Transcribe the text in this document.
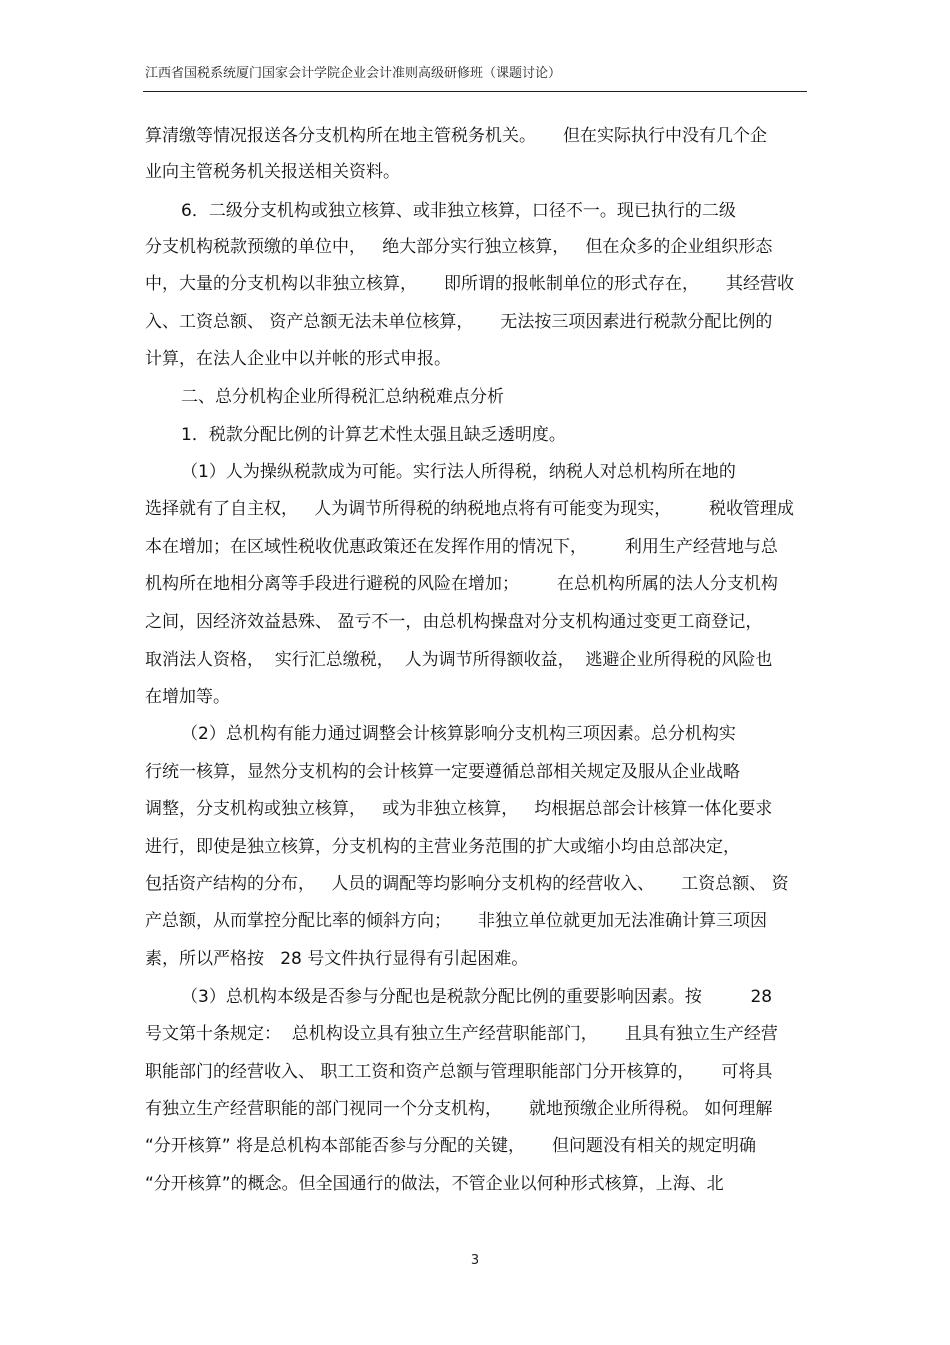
江西省国税系统厦门国家会计学院企业会计准则高级研修班（课题讨论）
算清缴等情况报送各分支机构所在地主管税务机关。     但在实际执行中没有几个企
业向主管税务机关报送相关资料。
6．二级分支机构或独立核算、或非独立核算，口径不一。现已执行的二级
分支机构税款预缴的单位中，   绝大部分实行独立核算，   但在众多的企业组织形态
中，大量的分支机构以非独立核算，     即所谓的报帐制单位的形式存在，     其经营收
入、工资总额、 资产总额无法未单位核算，     无法按三项因素进行税款分配比例的
计算，在法人企业中以并帐的形式申报。
二、总分机构企业所得税汇总纳税难点分析
1．税款分配比例的计算艺术性太强且缺乏透明度。
（1）人为操纵税款成为可能。实行法人所得税，纳税人对总机构所在地的
选择就有了自主权，   人为调节所得税的纳税地点将有可能变为现实，       税收管理成
本在增加；在区域性税收优惠政策还在发挥作用的情况下，       利用生产经营地与总
机构所在地相分离等手段进行避税的风险在增加；       在总机构所属的法人分支机构
之间，因经济效益悬殊、 盈亏不一，由总机构操盘对分支机构通过变更工商登记，
取消法人资格，  实行汇总缴税，  人为调节所得额收益，  逃避企业所得税的风险也
在增加等。
（2）总机构有能力通过调整会计核算影响分支机构三项因素。总分机构实
行统一核算，显然分支机构的会计核算一定要遵循总部相关规定及服从企业战略
调整，分支机构或独立核算，   或为非独立核算，   均根据总部会计核算一体化要求
进行，即使是独立核算，分支机构的主营业务范围的扩大或缩小均由总部决定，
包括资产结构的分布，   人员的调配等均影响分支机构的经营收入、     工资总额、 资
产总额，从而掌控分配比率的倾斜方向；     非独立单位就更加无法准确计算三项因
素，所以严格按   28 号文件执行显得有引起困难。
（3）总机构本级是否参与分配也是税款分配比例的重要影响因素。按         28
号文第十条规定：  总机构设立具有独立生产经营职能部门，     且具有独立生产经营
职能部门的经营收入、 职工工资和资产总额与管理职能部门分开核算的，     可将具
有独立生产经营职能的部门视同一个分支机构，     就地预缴企业所得税。 如何理解
“分开核算” 将是总机构本部能否参与分配的关键，     但问题没有相关的规定明确
“分开核算”的概念。但全国通行的做法，不管企业以何种形式核算，上海、北
3
